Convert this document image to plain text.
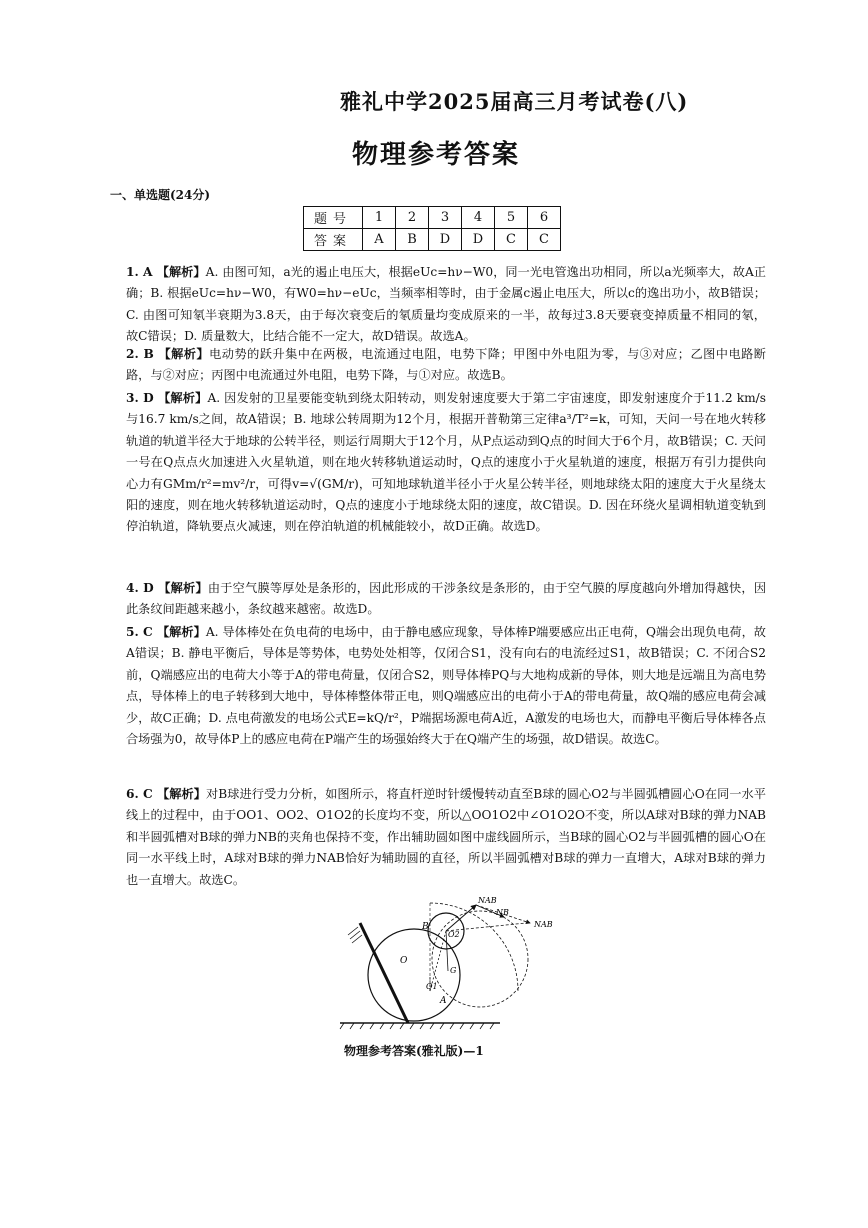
雅礼中学2025届高三月考试卷(八)
物理参考答案
一、单选题(24分)
题号	1	2	3	4	5	6
答案	A	B	D	D	C	C

1. A 【解析】A. 由图可知，a光的遏止电压大，根据eUc=hν−W0，同一光电管逸出功相同，所以a光频率大，故A正确；B. 根据eUc=hν−W0，有W0=hν−eUc，当频率相等时，由于金属c遏止电压大，所以c的逸出功小，故B错误；C. 由图可知氡半衰期为3.8天，由于每次衰变后的氡质量均变成原来的一半，故每过3.8天要衰变掉质量不相同的氡，故C错误；D. 质量数大，比结合能不一定大，故D错误。故选A。

2. B 【解析】电动势的跃升集中在两极，电流通过电阻，电势下降；甲图中外电阻为零，与③对应；乙图中电路断路，与②对应；丙图中电流通过外电阻，电势下降，与①对应。故选B。

3. D 【解析】A. 因发射的卫星要能变轨到绕太阳转动，则发射速度要大于第二宇宙速度，即发射速度介于11.2 km/s与16.7 km/s之间，故A错误；B. 地球公转周期为12个月，根据开普勒第三定律a³/T²=k，可知，天问一号在地火转移轨道的轨道半径大于地球的公转半径，则运行周期大于12个月，从P点运动到Q点的时间大于6个月，故B错误；C. 天问一号在Q点点火加速进入火星轨道，则在地火转移轨道运动时，Q点的速度小于火星轨道的速度，根据万有引力提供向心力有GMm/r²=mv²/r，可得v=√(GM/r)，可知地球轨道半径小于火星公转半径，则地球绕太阳的速度大于火星绕太阳的速度，则在地火转移轨道运动时，Q点的速度小于地球绕太阳的速度，故C错误。D. 因在环绕火星调相轨道变轨到停泊轨道，降轨要点火减速，则在停泊轨道的机械能较小，故D正确。故选D。

4. D 【解析】由于空气膜等厚处是条形的，因此形成的干涉条纹是条形的，由于空气膜的厚度越向外增加得越快，因此条纹间距越来越小，条纹越来越密。故选D。

5. C 【解析】A. 导体棒处在负电荷的电场中，由于静电感应现象，导体棒P端要感应出正电荷，Q端会出现负电荷，故A错误；B. 静电平衡后，导体是等势体，电势处处相等，仅闭合S1，没有向右的电流经过S1，故B错误；C. 不闭合S2前，Q端感应出的电荷大小等于A的带电荷量，仅闭合S2，则导体棒PQ与大地构成新的导体，则大地是远端且为高电势点，导体棒上的电子转移到大地中，导体棒整体带正电，则Q端感应出的电荷小于A的带电荷量，故Q端的感应电荷会减少，故C正确；D. 点电荷激发的电场公式E=kQ/r²，P端据场源电荷A近，A激发的电场也大，而静电平衡后导体棒各点合场强为0，故导体P上的感应电荷在P端产生的场强始终大于在Q端产生的场强，故D错误。故选C。

6. C 【解析】对B球进行受力分析，如图所示，将直杆逆时针缓慢转动直至B球的圆心O2与半圆弧槽圆心O在同一水平线上的过程中，由于OO1、OO2、O1O2的长度均不变，所以△OO1O2中∠O1O2O不变，所以A球对B球的弹力NAB和半圆弧槽对B球的弹力NB的夹角也保持不变，作出辅助圆如图中虚线圆所示，当B球的圆心O2与半圆弧槽的圆心O在同一水平线上时，A球对B球的弹力NAB恰好为辅助圆的直径，所以半圆弧槽对B球的弹力一直增大，A球对B球的弹力也一直增大。故选C。

NAB
NB
NAB
B
O2
O
O1
G
A
物理参考答案(雅礼版)—1
